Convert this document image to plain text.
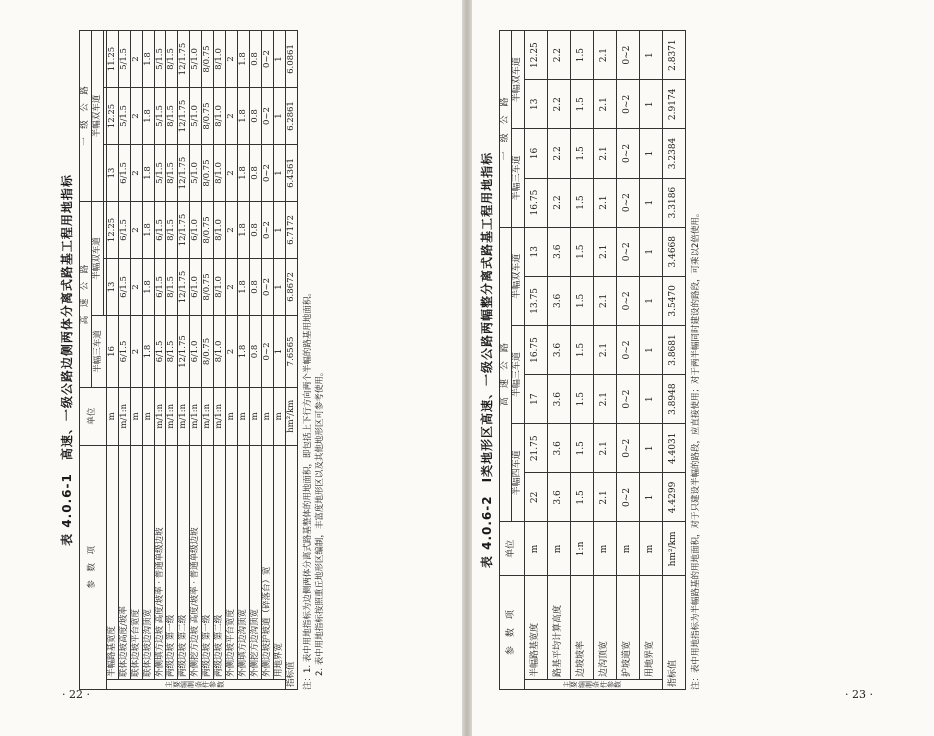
表 4.0.6-1　高速、一级公路边侧两体分离式路基工程用地指标
参　数　项		单位	高　速　公　路			一　级　公　路		
			半幅三车道	半幅双车道		半幅双车道		

主要编制条件参数	半幅路基宽度	m	16	13	12.25	13	12.25	11.25
	联体边坡高度/坡率	m/1:n	6/1.5	6/1.5	6/1.5	6/1.5	5/1.5	5/1.5
	联体边坡平台宽度	m	2	2	2	2	2	2
	联体边坡边沟顶宽	m	1.8	1.8	1.8	1.8	1.8	1.8
	外侧填方边坡 高度/坡率 · 普通单级边坡	m/1:n	6/1.5	6/1.5	6/1.5	5/1.5	5/1.5	5/1.5
	两级边坡 第一级	m/1:n	8/1.5	8/1.5	8/1.5	8/1.5	8/1.5	8/1.5
	两级边坡 第二级	m/1:n	12/1.75	12/1.75	12/1.75	12/1.75	12/1.75	12/1.75
	外侧挖方边坡 高度/坡率 · 普通单级边坡	m/1:n	6/1.0	6/1.0	6/1.0	5/1.0	5/1.0	5/1.0
	两级边坡 第一级	m/1:n	8/0.75	8/0.75	8/0.75	8/0.75	8/0.75	8/0.75
	两级边坡 第二级	m/1:n	8/1.0	8/1.0	8/1.0	8/1.0	8/1.0	8/1.0
	外侧边坡平台宽度	m	2	2	2	2	2	2
	外侧填方边沟顶宽	m	1.8	1.8	1.8	1.8	1.8	1.8
	外侧挖方边沟顶宽	m	0.8	0.8	0.8	0.8	0.8	0.8
	外侧边坡护坡道（碎落台）宽	m	0~2	0~2	0~2	0~2	0~2	0~2
	用地界宽	m	1	1	1	1	1	1
指标值		hm²/km	7.6565	6.8672	6.7172	6.4361	6.2861	6.0861
注：1. 表中用地指标为边侧两体分离式路基整体的用地面积，即包括上下行方向两个半幅的路基用地面积。 2. 表中用地指标按照重丘地形区编制，丰富度地形区以及其他地形区可参考使用。
· 22 ·
表 4.0.6-2　Ⅰ类地形区高速、一级公路两幅整分离式路基工程用地指标
参　数　项		单位	高　速　公　路						一　级　公　路			
			半幅四车道		半幅三车道		半幅双车道		半幅三车道		半幅双车道	
主要编制条件参数	半幅路基宽度	m	22	21.75	17	16.75	13.75	13	16.75	16	13	12.25
	路基平均计算高度	m	3.6	3.6	3.6	3.6	3.6	3.6	2.2	2.2	2.2	2.2
	边坡坡率	1:n	1.5	1.5	1.5	1.5	1.5	1.5	1.5	1.5	1.5	1.5
	边沟顶宽	m	2.1	2.1	2.1	2.1	2.1	2.1	2.1	2.1	2.1	2.1
	护坡道宽	m	0~2	0~2	0~2	0~2	0~2	0~2	0~2	0~2	0~2	0~2
	用地界宽	m	1	1	1	1	1	1	1	1	1	1
指标值		hm²/km	4.4299	4.4031	3.8948	3.8681	3.5470	3.4668	3.3186	3.2384	2.9174	2.8371
注：表中用地指标为半幅路基的用地面积，对于只建设半幅的路段，应直接使用；对于两半幅同时建设的路段，可乘以2倍使用。
· 23 ·
